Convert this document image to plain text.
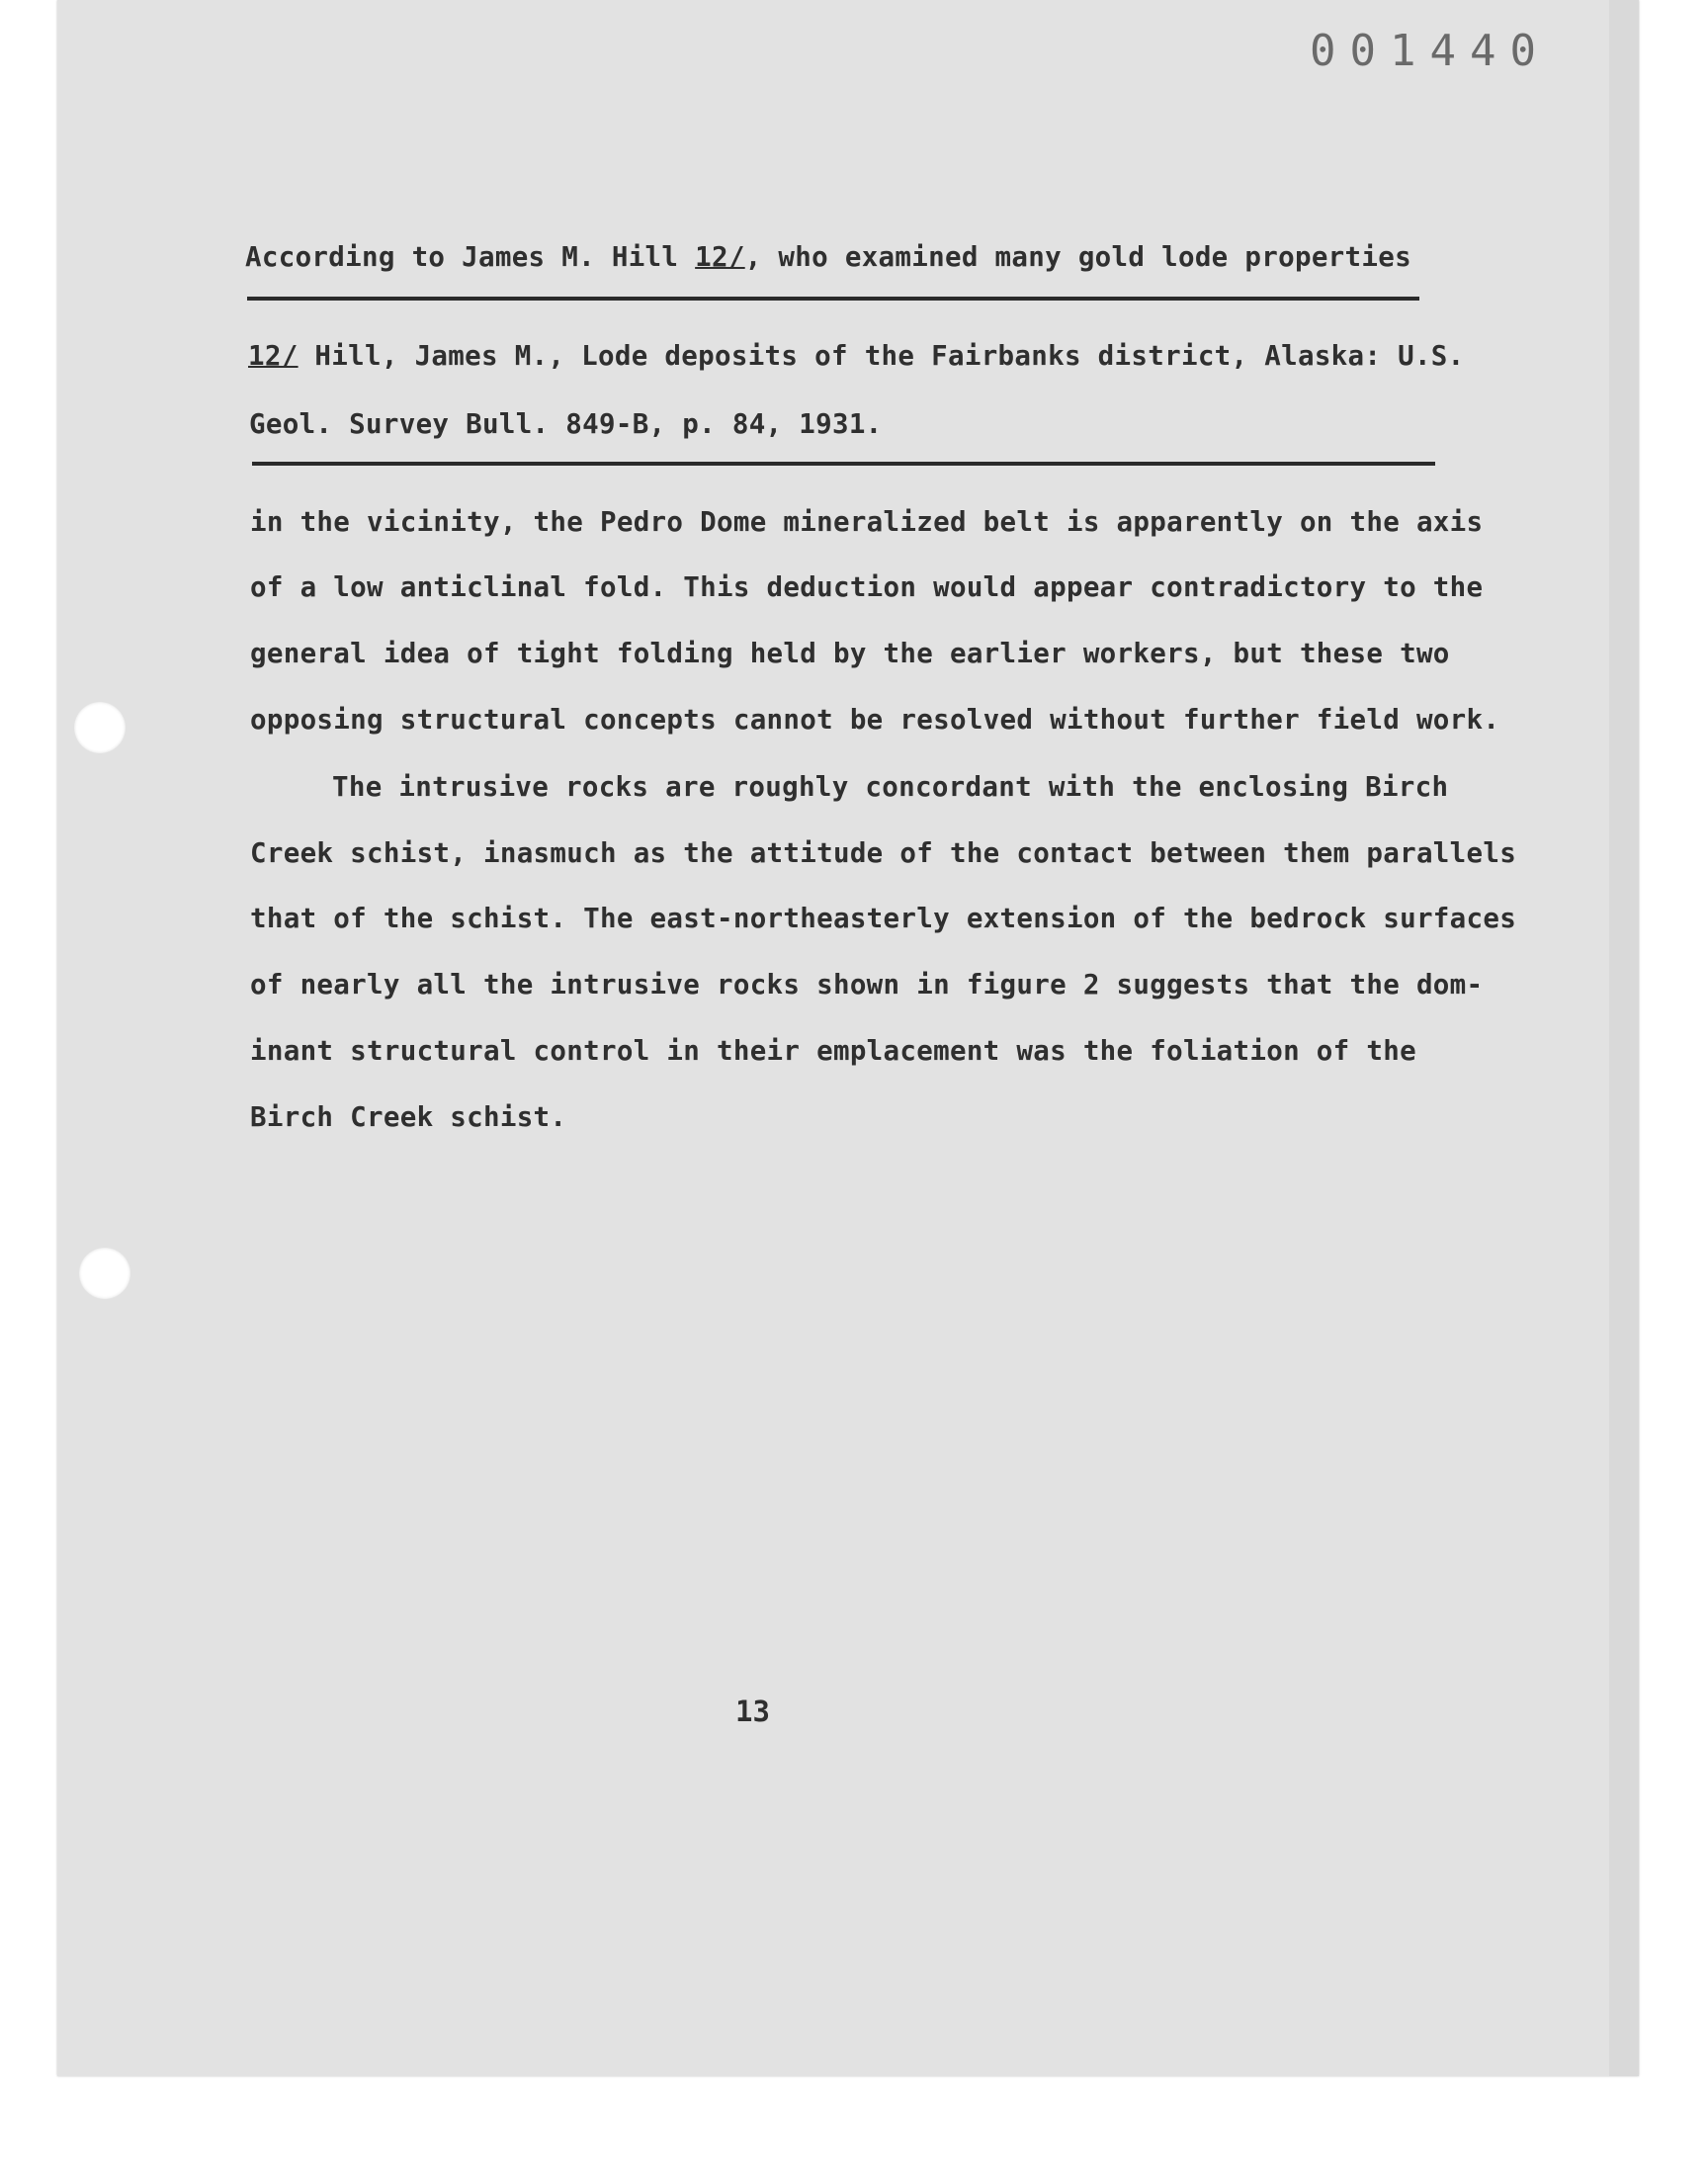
001440
According to James M. Hill 12/, who examined many gold lode properties
12/ Hill, James M., Lode deposits of the Fairbanks district, Alaska: U.S.
Geol. Survey Bull. 849-B, p. 84, 1931.
in the vicinity, the Pedro Dome mineralized belt is apparently on the axis
of a low anticlinal fold. This deduction would appear contradictory to the
general idea of tight folding held by the earlier workers, but these two
opposing structural concepts cannot be resolved without further field work.
The intrusive rocks are roughly concordant with the enclosing Birch
Creek schist, inasmuch as the attitude of the contact between them parallels
that of the schist. The east-northeasterly extension of the bedrock surfaces
of nearly all the intrusive rocks shown in figure 2 suggests that the dom-
inant structural control in their emplacement was the foliation of the
Birch Creek schist.
13
